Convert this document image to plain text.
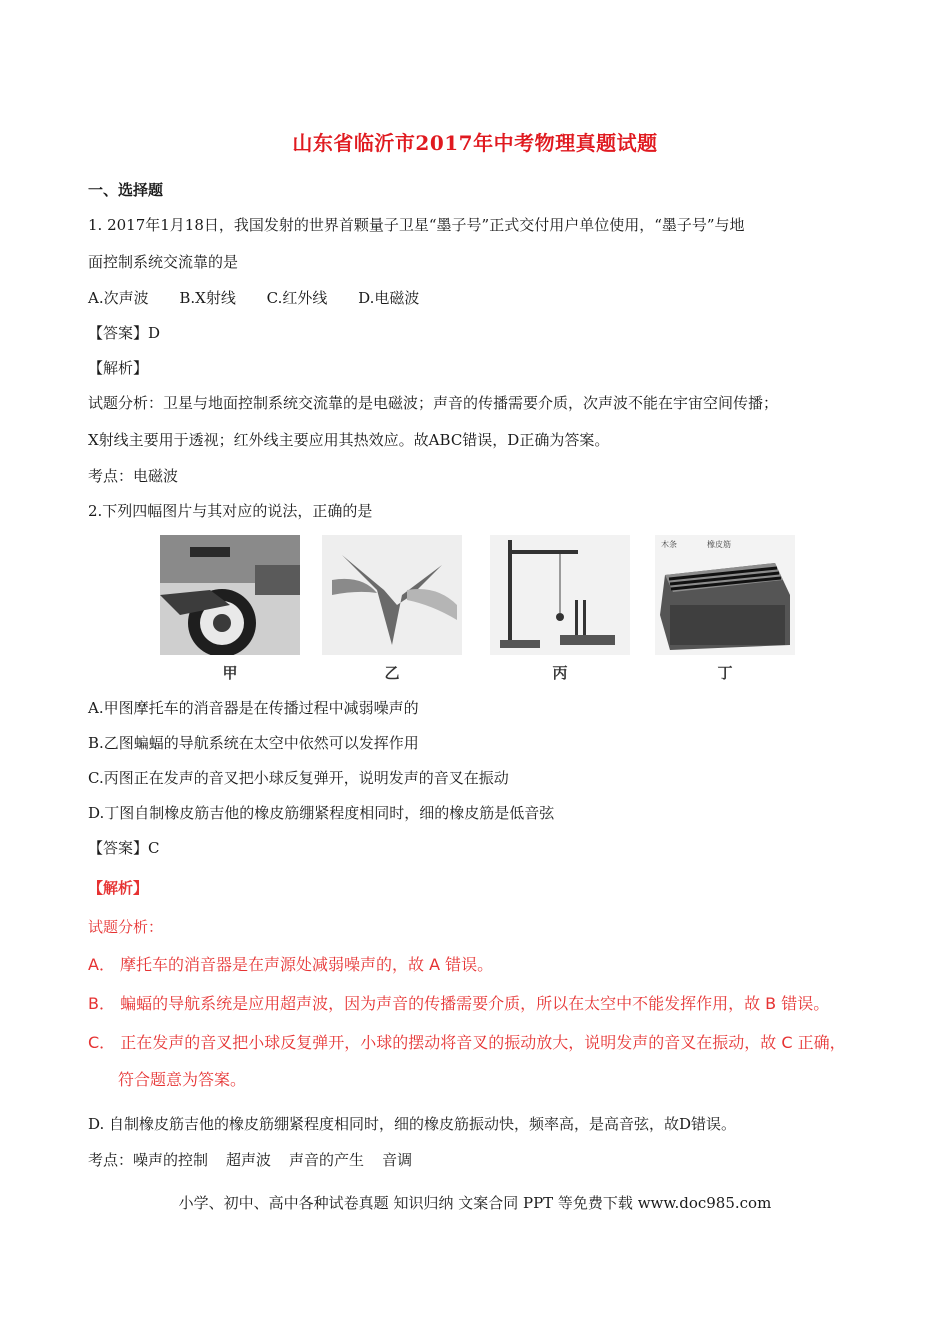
山东省临沂市2017年中考物理真题试题
一、选择题
1. 2017年1月18日，我国发射的世界首颗量子卫星“墨子号”正式交付用户单位使用，“墨子号”与地
面控制系统交流靠的是
A.次声波 B.X射线 C.红外线 D.电磁波
【答案】D
【解析】
试题分析：卫星与地面控制系统交流靠的是电磁波；声音的传播需要介质，次声波不能在宇宙空间传播；
X射线主要用于透视；红外线主要应用其热效应。故ABC错误，D正确为答案。
考点：电磁波
2.下列四幅图片与其对应的说法，正确的是
甲	乙	丙
木条	橡皮筋
丁
A.甲图摩托车的消音器是在传播过程中减弱噪声的
B.乙图蝙蝠的导航系统在太空中依然可以发挥作用
C.丙图正在发声的音叉把小球反复弹开，说明发声的音叉在振动
D.丁图自制橡皮筋吉他的橡皮筋绷紧程度相同时，细的橡皮筋是低音弦
【答案】C
【解析】
试题分析：
A． 摩托车的消音器是在声源处减弱噪声的，故 A 错误。
B． 蝙蝠的导航系统是应用超声波，因为声音的传播需要介质，所以在太空中不能发挥作用，故 B 错误。
C． 正在发声的音叉把小球反复弹开，小球的摆动将音叉的振动放大，说明发声的音叉在振动，故 C 正确，
符合题意为答案。
D. 自制橡皮筋吉他的橡皮筋绷紧程度相同时，细的橡皮筋振动快，频率高，是高音弦，故D错误。
考点：噪声的控制 超声波 声音的产生 音调
小学、初中、高中各种试卷真题 知识归纳 文案合同 PPT 等免费下载 www.doc985.com
